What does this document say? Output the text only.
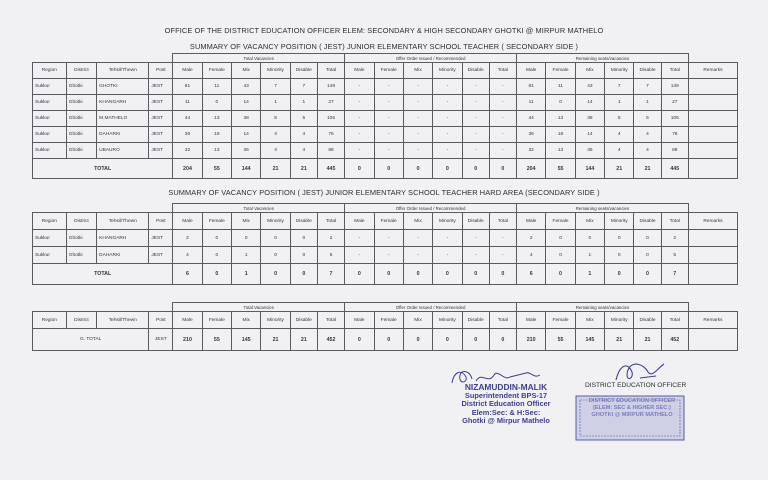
OFFICE OF THE DISTRICT EDUCATION OFFICER ELEM: SECONDARY & HIGH SECONDARY GHOTKI @ MIRPUR MATHELO
SUMMARY OF VACANCY POSITION ( JEST) JUNIOR ELEMENTARY SCHOOL TEACHER ( SECONDARY SIDE )
				Total Vacancies						Offer Order Issued / Recommended						Remaining seats/vacancies						
Region	District	Tehsil/Thewn	Post	Male	Female	Mix	Minority	Disable	Total	Male	Female	Mix	Minority	Disable	Total	Male	Female	Mix	Minority	Disable	Total	Remarks
Sukkur	Ghotki	GHOTKI	JEST	81	11	43	7	7	149	-	-	-	-	-	-	81	11	43	7	7	149	
Sukkur	Ghotki	KHANGARH	JEST	11	0	14	1	1	27	-	-	-	-	-	-	11	0	14	1	1	27	
Sukkur	Ghotki	M.MATHELO	JEST	44	13	38	5	5	105	-	-	-	-	-	-	44	13	38	5	5	105	
Sukkur	Ghotki	DAHARKI	JEST	36	18	14	4	4	76	-	-	-	-	-	-	36	18	14	4	4	76	
Sukkur	Ghotki	UBAURO	JEST	32	13	35	4	4	88	-	-	-	-	-	-	32	13	35	4	4	88	
TOTAL				204	55	144	21	21	445	0	0	0	0	0	0	204	55	144	21	21	445	
SUMMARY OF VACANCY POSITION ( JEST) JUNIOR ELEMENTARY SCHOOL TEACHER HARD AREA (SECONDARY SIDE )
				Total Vacancies						Offer Order Issued / Recommended						Remaining seats/vacancies						
Region	District	Tehsil/Thewn	Post	Male	Female	Mix	Minority	Disable	Total	Male	Female	Mix	Minority	Disable	Total	Male	Female	Mix	Minority	Disable	Total	Remarks
Sukkur	Ghotki	KHANGARH	JEST	2	0	0	0	0	2	-	-	-	-	-	-	2	0	0	0	0	2	
Sukkur	Ghotki	DAHARKI	JEST	4	0	1	0	0	5	-	-	-	-	-	-	4	0	1	0	0	5	
TOTAL				6	0	1	0	0	7	0	0	0	0	0	0	6	0	1	0	0	7	
				Total Vacancies						Offer Order Issued / Recommended						Remaining seats/vacancies						
Region	District	Tehsil/Thewn	Post	Male	Female	Mix	Minority	Disable	Total	Male	Female	Mix	Minority	Disable	Total	Male	Female	Mix	Minority	Disable	Total	Remarks
G. TOTAL			JEST	210	55	145	21	21	452	0	0	0	0	0	0	210	55	145	21	21	452	
NIZAMUDDIN-MALIK
Superintendent BPS-17
District Education Officer
Elem:Sec: & H:Sec:
Ghotki @ Mirpur Mathelo
DISTRICT EDUCATION OFFICER
DISTRICT EDUCATION OFFICER
(ELEM: SEC & HIGHER SEC:)
GHOTKI @ MIRPUR MATHELO
